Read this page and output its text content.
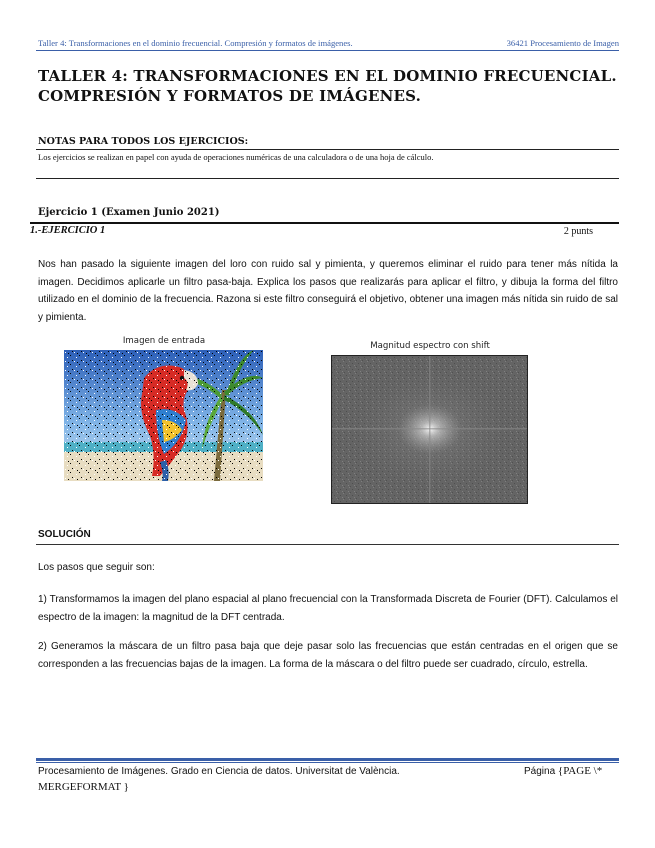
Taller 4: Transformaciones en el dominio frecuencial. Compresión y formatos de imágenes.	36421 Procesamiento de Imagen
TALLER 4: TRANSFORMACIONES EN EL DOMINIO FRECUENCIAL. COMPRESIÓN Y FORMATOS DE IMÁGENES.
NOTAS PARA TODOS LOS EJERCICIOS:

Los ejercicios se realizan en papel con ayuda de operaciones numéricas de una calculadora o de una hoja de cálculo.

Ejercicio 1 (Examen Junio 2021)
1.-EJERCICIO 1	2 punts

Nos han pasado la siguiente imagen del loro con ruido sal y pimienta, y queremos eliminar el ruido para tener más nítida la imagen. Decidimos aplicarle un filtro pasa-baja. Explica los pasos que realizarás para aplicar el filtro, y dibuja la forma del filtro utilizado en el dominio de la frecuencia. Razona si este filtro conseguirá el objetivo, obtener una imagen más nítida sin ruido de sal y pimienta.

Imagen de entrada	Magnitud espectro con shift
SOLUCIÓN

Los pasos que seguir son:

1) Transformamos la imagen del plano espacial al plano frecuencial con la Transformada Discreta de Fourier (DFT). Calculamos el espectro de la imagen: la magnitud de la DFT centrada.

2) Generamos la máscara de un filtro pasa baja que deje pasar solo las frecuencias que están centradas en el origen que se corresponden a las frecuencias bajas de la imagen. La forma de la máscara o del filtro puede ser cuadrado, círculo, estrella.

Procesamiento de Imágenes. Grado en Ciencia de datos. Universitat de València.	Página {PAGE \*
MERGEFORMAT }
